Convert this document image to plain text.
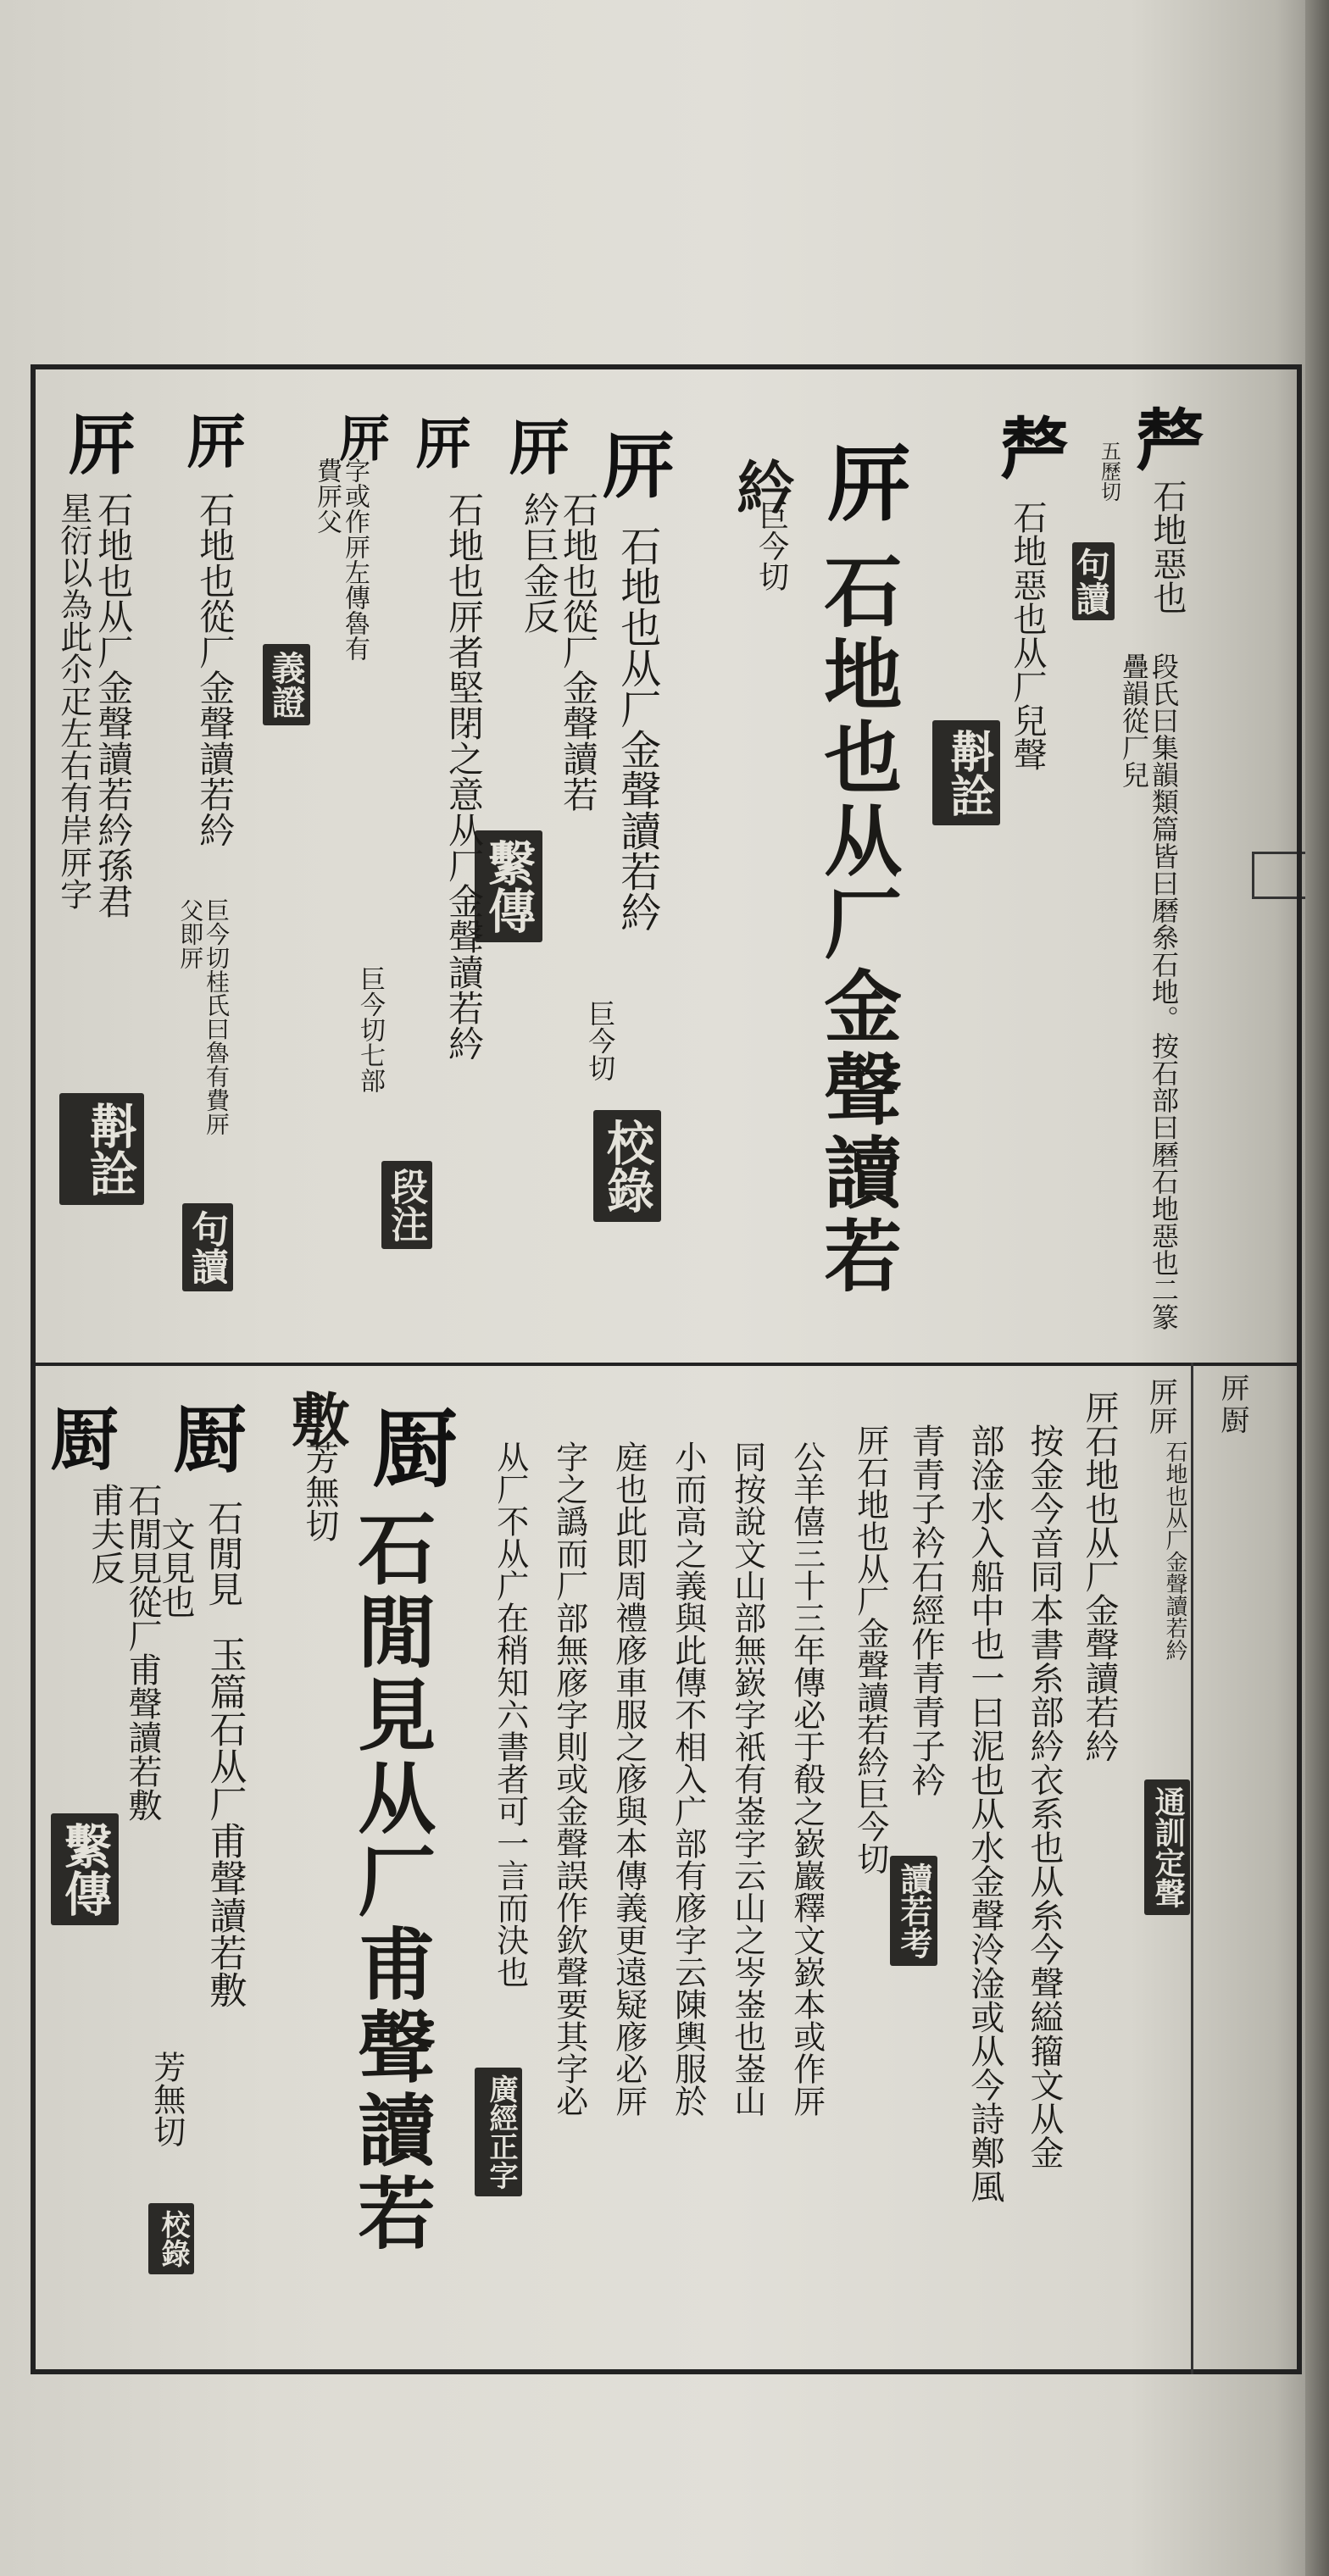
㕃㕑
𠩺
五歷切
石地惡也
段氏曰集韻類篇皆曰磿㕘石地。按石部曰磿石地惡也二篆疊韻從厂兒
句讀
𠩺
石地惡也从厂兒聲
斠詮
㕃
石地也从厂金聲讀若
紟
巨今切
㕃
石地也从厂金聲讀若紟
巨今切
校錄
㕃
石地也從厂金聲讀若紟巨金反
繫傳
㕃
石地也㕃者堅閉之意从厂金聲讀若紟
巨今切七部
段注
㕃
字或作㕃左傳魯有費㕃父
義證
㕃
石地也從厂金聲讀若紟
巨今切桂氏曰魯有費㕃父即㕃
句讀
㕃
石地也从厂金聲讀若紟孫君
星衍以為此尒疋左右有岸㕃字
斠詮
㕃㕃
石地也从厂金聲讀若紟
㕃石地也从厂金聲讀若紟
通訓定聲
按金今音同本書糸部紟衣系也从糸今聲縊籀文从金
部淦水入船中也一曰泥也从水金聲泠淦或从今詩鄭風
青青子衿石經作青青子衿
讀若考
㕃石地也从厂金聲讀若紟巨今切
公羊僖三十三年傳必于殽之嶔巖釋文嶔本或作㕃
同按說文山部無嶔字衹有崟字云山之岑崟也崟山
小而高之義與此傳不相入广部有㢋字云陳輿服於
庭也此即周禮㢋車服之㢋與本傳義更遠疑㢋必㕃
字之譌而厂部無㢋字則或金聲誤作欽聲要其字必
从厂不从广在稍知六書者可一言而決也
廣經正字
㕑
石閒見从厂甫聲讀若
敷
芳無切
㕑
石閒見
文見也
玉篇石从厂甫聲讀若敷
芳無切
校錄
㕑
石閒見從厂甫聲讀若敷甫夫反
繫傳
